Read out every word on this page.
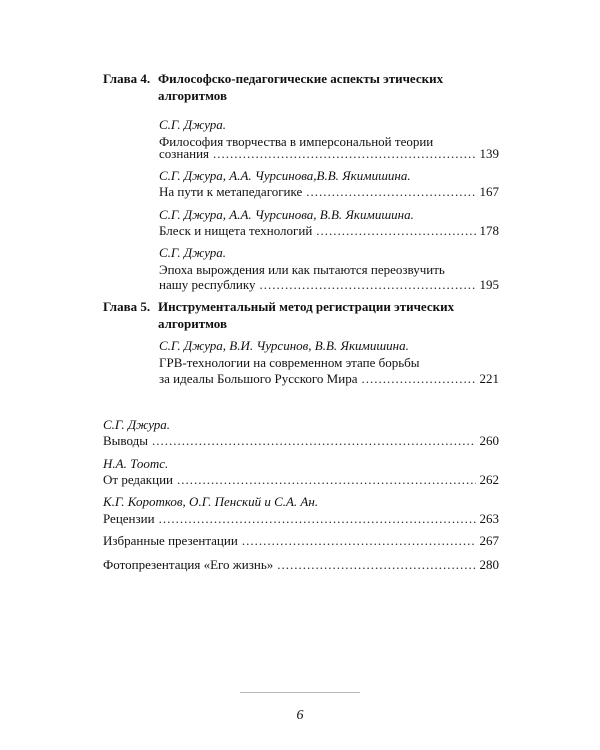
Глава 4. Философско-педагогические аспекты этических алгоритмов
С.Г. Джура.
Философия творчества в имперсональной теории
сознания .....	139
С.Г. Джура, А.А. Чурсинова,В.В. Якимишина.
На пути к метапедагогике .....	167
С.Г. Джура, А.А. Чурсинова, В.В. Якимишина.
Блеск и нищета технологий .....	178
С.Г. Джура.
Эпоха вырождения или как пытаются переозвучить
нашу республику .....	195
Глава 5. Инструментальный метод регистрации этических алгоритмов
С.Г. Джура, В.И. Чурсинов, В.В. Якимишина.
ГРВ-технологии на современном этапе борьбы
за идеалы Большого Русского Мира .....	221
С.Г. Джура.
Выводы .....	260
Н.А. Тоотс.
От редакции .....	262
К.Г. Коротков, О.Г. Пенский и С.А. Ан.
Рецензии .....	263
Избранные презентации .....	267
Фотопрезентация «Его жизнь» .....	280
6
